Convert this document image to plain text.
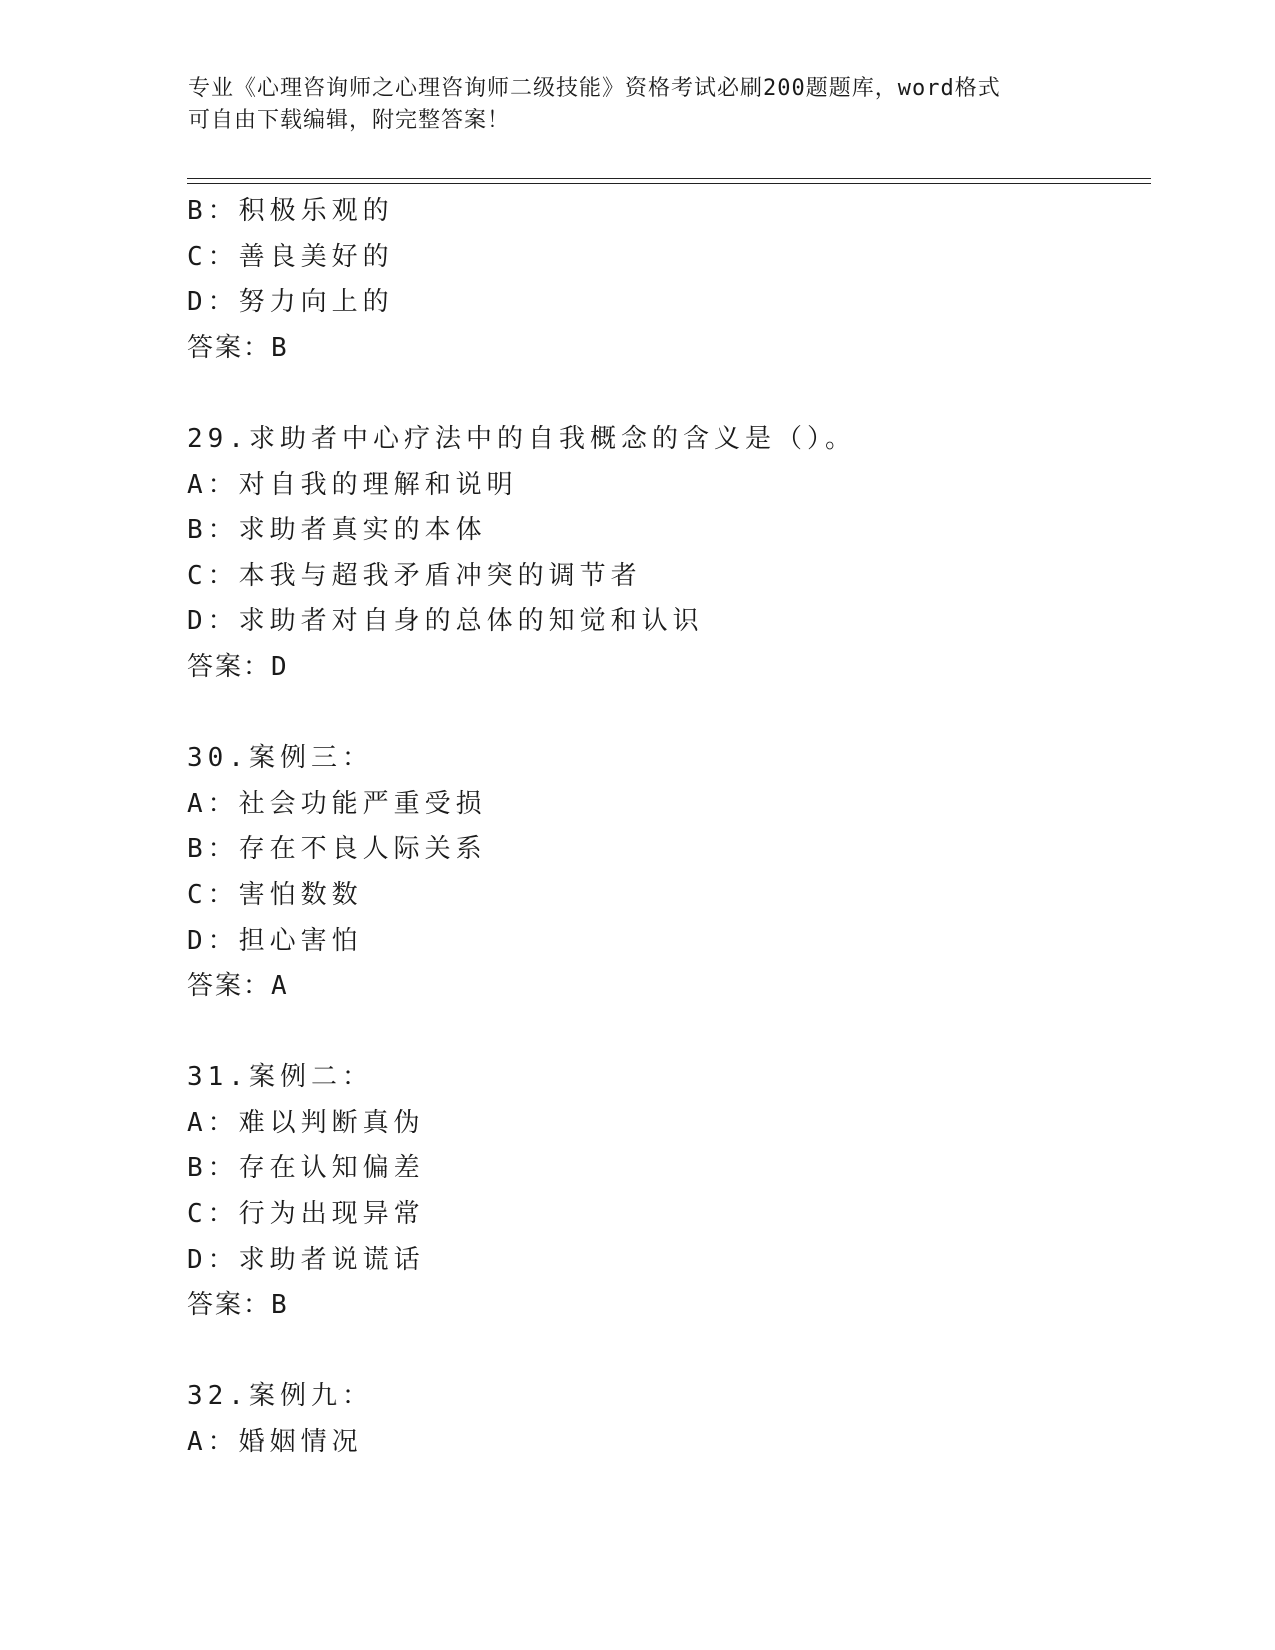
专业《心理咨询师之心理咨询师二级技能》资格考试必刷200题题库，word格式
可自由下载编辑，附完整答案！
B：积极乐观的
C：善良美好的
D：努力向上的
答案：B
29.求助者中心疗法中的自我概念的含义是（）。
A：对自我的理解和说明
B：求助者真实的本体
C：本我与超我矛盾冲突的调节者
D：求助者对自身的总体的知觉和认识
答案：D
30.案例三：
A：社会功能严重受损
B：存在不良人际关系
C：害怕数数
D：担心害怕
答案：A
31.案例二：
A：难以判断真伪
B：存在认知偏差
C：行为出现异常
D：求助者说谎话
答案：B
32.案例九：
A：婚姻情况
